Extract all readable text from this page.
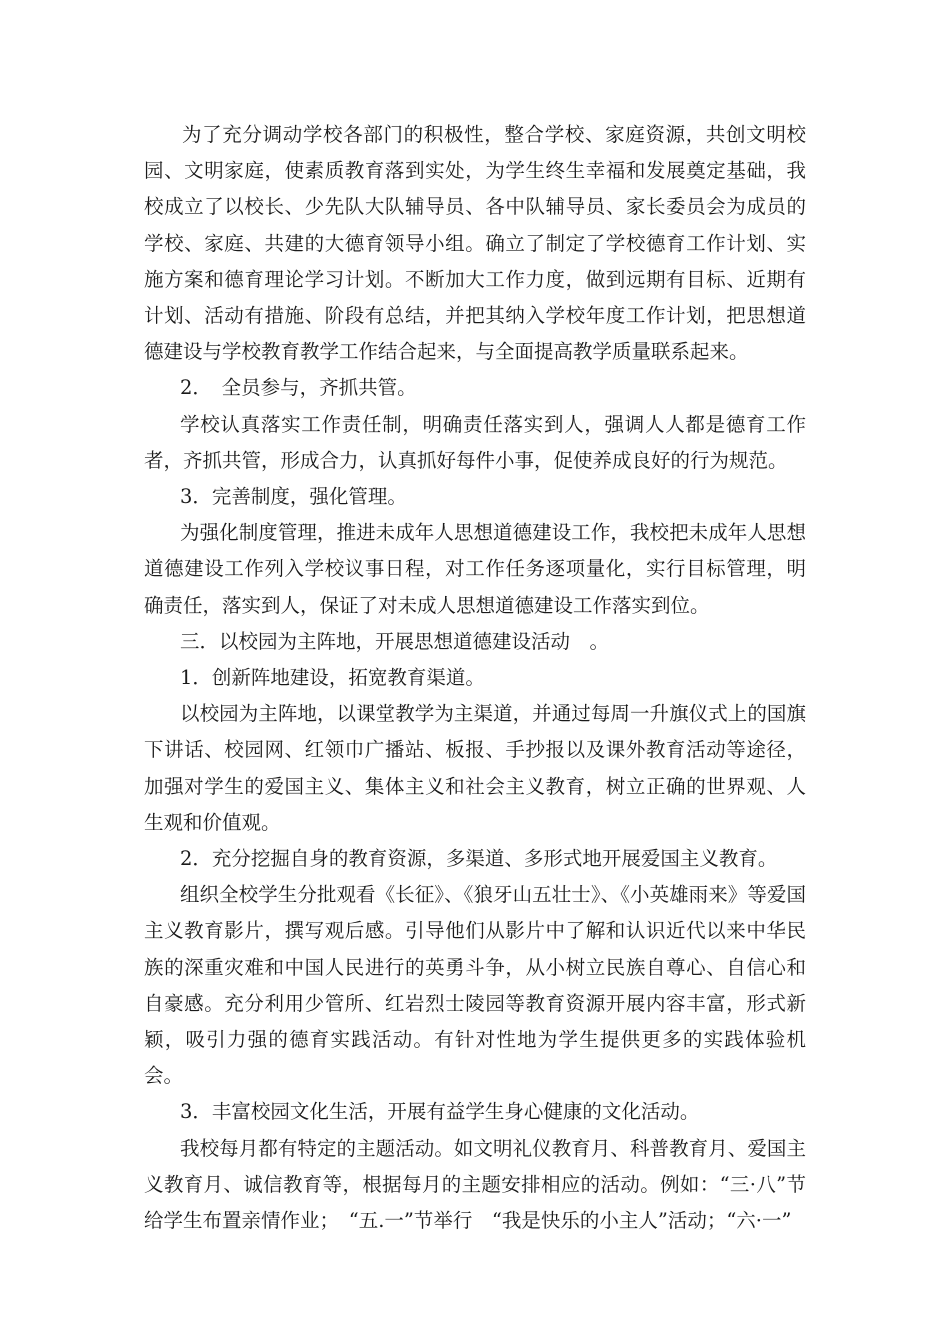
为了充分调动学校各部门的积极性，整合学校、家庭资源，共创文明校园、文明家庭，使素质教育落到实处，为学生终生幸福和发展奠定基础，我校成立了以校长、少先队大队辅导员、各中队辅导员、家长委员会为成员的学校、家庭、共建的大德育领导小组。确立了制定了学校德育工作计划、实施方案和德育理论学习计划。不断加大工作力度，做到远期有目标、近期有计划、活动有措施、阶段有总结，并把其纳入学校年度工作计划，把思想道德建设与学校教育教学工作结合起来，与全面提高教学质量联系起来。

2．　全员参与，齐抓共管。

学校认真落实工作责任制，明确责任落实到人，强调人人都是德育工作者，齐抓共管，形成合力，认真抓好每件小事，促使养成良好的行为规范。

3．完善制度，强化管理。

为强化制度管理，推进未成年人思想道德建设工作，我校把未成年人思想道德建设工作列入学校议事日程，对工作任务逐项量化，实行目标管理，明确责任，落实到人，保证了对未成人思想道德建设工作落实到位。

三．以校园为主阵地，开展思想道德建设活动　。

1．创新阵地建设，拓宽教育渠道。

以校园为主阵地，以课堂教学为主渠道，并通过每周一升旗仪式上的国旗下讲话、校园网、红领巾广播站、板报、手抄报以及课外教育活动等途径，加强对学生的爱国主义、集体主义和社会主义教育，树立正确的世界观、人生观和价值观。

2．充分挖掘自身的教育资源，多渠道、多形式地开展爱国主义教育。

组织全校学生分批观看《长征》、《狼牙山五壮士》、《小英雄雨来》等爱国主义教育影片，撰写观后感。引导他们从影片中了解和认识近代以来中华民族的深重灾难和中国人民进行的英勇斗争，从小树立民族自尊心、自信心和自豪感。充分利用少管所、红岩烈士陵园等教育资源开展内容丰富，形式新颖，吸引力强的德育实践活动。有针对性地为学生提供更多的实践体验机会。

3．丰富校园文化生活，开展有益学生身心健康的文化活动。

我校每月都有特定的主题活动。如文明礼仪教育月、科普教育月、爱国主义教育月、诚信教育等，根据每月的主题安排相应的活动。例如：“三·八”节给学生布置亲情作业；　“五.一”节举行　“我是快乐的小主人”活动；“六·一”
